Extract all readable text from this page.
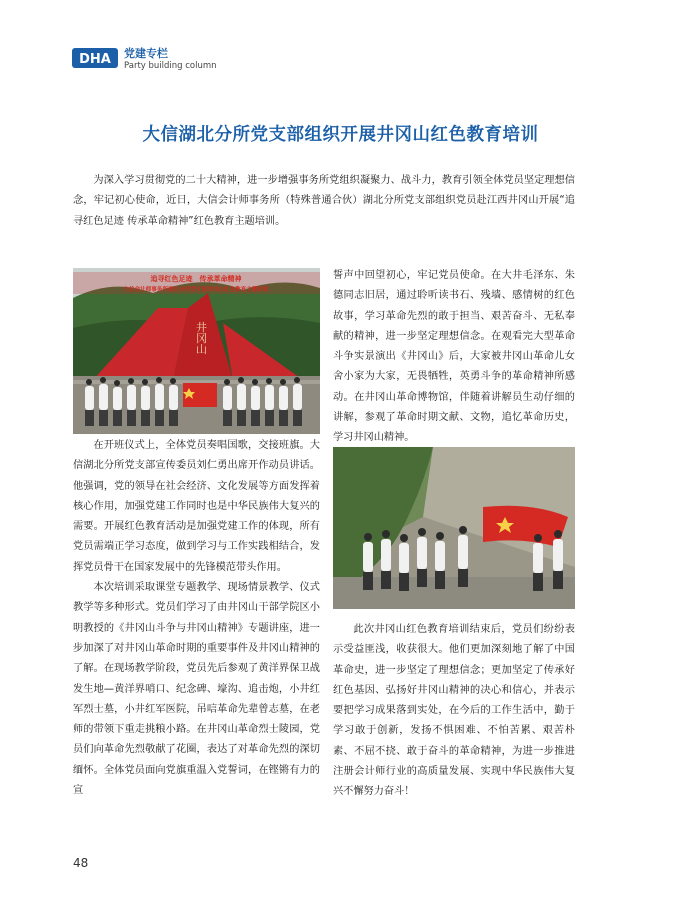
DHA 党建专栏
Party building column
大信湖北分所党支部组织开展井冈山红色教育培训

为深入学习贯彻党的二十大精神，进一步增强事务所党组织凝聚力、战斗力，教育引领全体党员坚定理想信念，牢记初心使命，近日，大信会计师事务所（特殊普通合伙）湖北分所党支部组织党员赴江西井冈山开展“追寻红色足迹 传承革命精神”红色教育主题培训。

追寻红色足迹　传承革命精神
大信会计师事务所湖北分所党支部井冈山红色教育主题培训
井冈山

在开班仪式上，全体党员奏唱国歌，交接班旗。大信湖北分所党支部宣传委员刘仁勇出席开作动员讲话。他强调，党的领导在社会经济、文化发展等方面发挥着核心作用，加强党建工作同时也是中华民族伟大复兴的需要。开展红色教育活动是加强党建工作的体现，所有党员需端正学习态度，做到学习与工作实践相结合，发挥党员骨干在国家发展中的先锋模范带头作用。

本次培训采取课堂专题教学、现场情景教学、仪式教学等多种形式。党员们学习了由井冈山干部学院区小明教授的《井冈山斗争与井冈山精神》专题讲座，进一步加深了对井冈山革命时期的重要事件及井冈山精神的了解。在现场教学阶段，党员先后参观了黄洋界保卫战发生地—黄洋界哨口、纪念碑、壕沟、追击炮，小井红军烈士墓，小井红军医院，吊唁革命先辈曾志墓，在老师的带领下重走挑粮小路。在井冈山革命烈士陵园，党员们向革命先烈敬献了花圈，表达了对革命先烈的深切缅怀。全体党员面向党旗重温入党誓词，在铿锵有力的宣

誓声中回望初心，牢记党员使命。在大井毛泽东、朱德同志旧居，通过聆听读书石、残墙、感情树的红色故事，学习革命先烈的敢于担当、艰苦奋斗、无私奉献的精神，进一步坚定理想信念。在观看完大型革命斗争实景演出《井冈山》后，大家被井冈山革命儿女舍小家为大家，无畏牺牲，英勇斗争的革命精神所感动。在井冈山革命博物馆，伴随着讲解员生动仔细的讲解，参观了革命时期文献、文物，追忆革命历史，学习井冈山精神。

此次井冈山红色教育培训结束后，党员们纷纷表示受益匪浅，收获很大。他们更加深刻地了解了中国革命史，进一步坚定了理想信念；更加坚定了传承好红色基因、弘扬好井冈山精神的决心和信心，并表示要把学习成果落到实处，在今后的工作生活中，勤于学习敢于创新，发扬不惧困难、不怕苦累、艰苦朴素、不屈不挠、敢于奋斗的革命精神，为进一步推进注册会计师行业的高质量发展、实现中华民族伟大复兴不懈努力奋斗！

48
